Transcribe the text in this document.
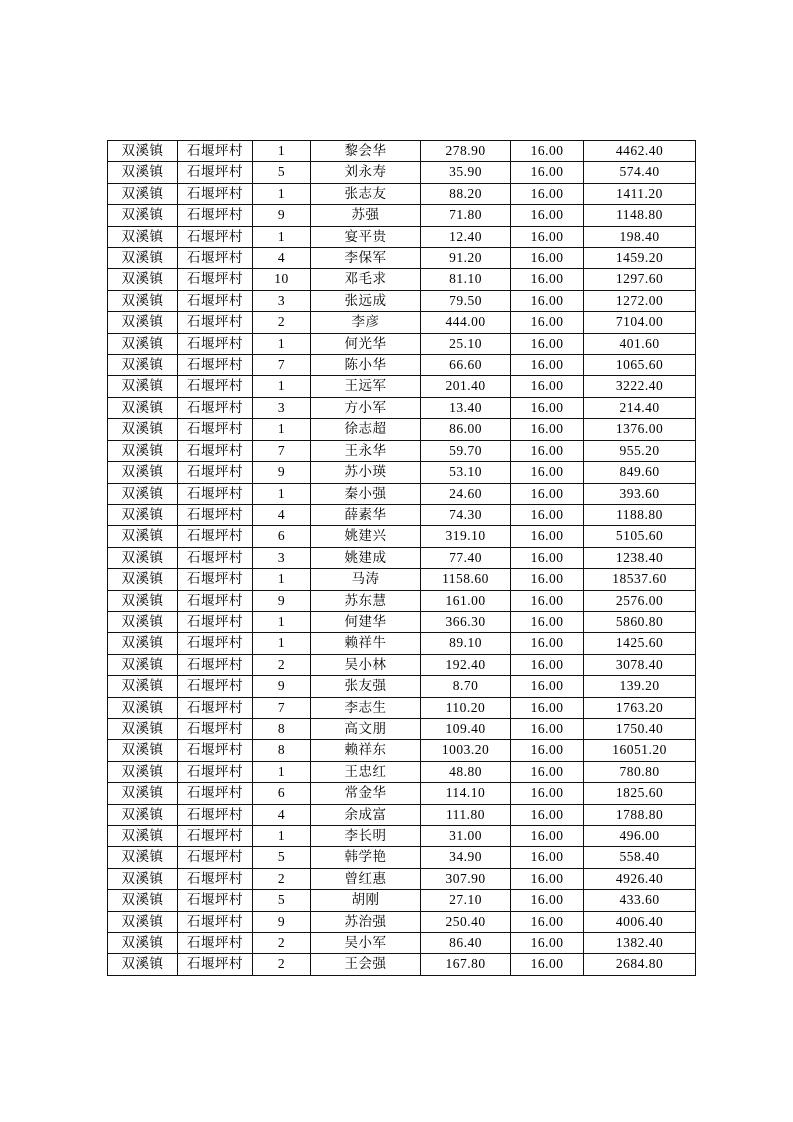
双溪镇	石堰坪村	1	黎会华	278.90	16.00	4462.40
双溪镇	石堰坪村	5	刘永寿	35.90	16.00	574.40
双溪镇	石堰坪村	1	张志友	88.20	16.00	1411.20
双溪镇	石堰坪村	9	苏强	71.80	16.00	1148.80
双溪镇	石堰坪村	1	宴平贵	12.40	16.00	198.40
双溪镇	石堰坪村	4	李保军	91.20	16.00	1459.20
双溪镇	石堰坪村	10	邓毛求	81.10	16.00	1297.60
双溪镇	石堰坪村	3	张远成	79.50	16.00	1272.00
双溪镇	石堰坪村	2	李彦	444.00	16.00	7104.00
双溪镇	石堰坪村	1	何光华	25.10	16.00	401.60
双溪镇	石堰坪村	7	陈小华	66.60	16.00	1065.60
双溪镇	石堰坪村	1	王远军	201.40	16.00	3222.40
双溪镇	石堰坪村	3	方小军	13.40	16.00	214.40
双溪镇	石堰坪村	1	徐志超	86.00	16.00	1376.00
双溪镇	石堰坪村	7	王永华	59.70	16.00	955.20
双溪镇	石堰坪村	9	苏小瑛	53.10	16.00	849.60
双溪镇	石堰坪村	1	秦小强	24.60	16.00	393.60
双溪镇	石堰坪村	4	薛素华	74.30	16.00	1188.80
双溪镇	石堰坪村	6	姚建兴	319.10	16.00	5105.60
双溪镇	石堰坪村	3	姚建成	77.40	16.00	1238.40
双溪镇	石堰坪村	1	马涛	1158.60	16.00	18537.60
双溪镇	石堰坪村	9	苏东慧	161.00	16.00	2576.00
双溪镇	石堰坪村	1	何建华	366.30	16.00	5860.80
双溪镇	石堰坪村	1	赖祥牛	89.10	16.00	1425.60
双溪镇	石堰坪村	2	吴小林	192.40	16.00	3078.40
双溪镇	石堰坪村	9	张友强	8.70	16.00	139.20
双溪镇	石堰坪村	7	李志生	110.20	16.00	1763.20
双溪镇	石堰坪村	8	高文朋	109.40	16.00	1750.40
双溪镇	石堰坪村	8	赖祥东	1003.20	16.00	16051.20
双溪镇	石堰坪村	1	王忠红	48.80	16.00	780.80
双溪镇	石堰坪村	6	常金华	114.10	16.00	1825.60
双溪镇	石堰坪村	4	余成富	111.80	16.00	1788.80
双溪镇	石堰坪村	1	李长明	31.00	16.00	496.00
双溪镇	石堰坪村	5	韩学艳	34.90	16.00	558.40
双溪镇	石堰坪村	2	曾红惠	307.90	16.00	4926.40
双溪镇	石堰坪村	5	胡刚	27.10	16.00	433.60
双溪镇	石堰坪村	9	苏治强	250.40	16.00	4006.40
双溪镇	石堰坪村	2	吴小军	86.40	16.00	1382.40
双溪镇	石堰坪村	2	王会强	167.80	16.00	2684.80
